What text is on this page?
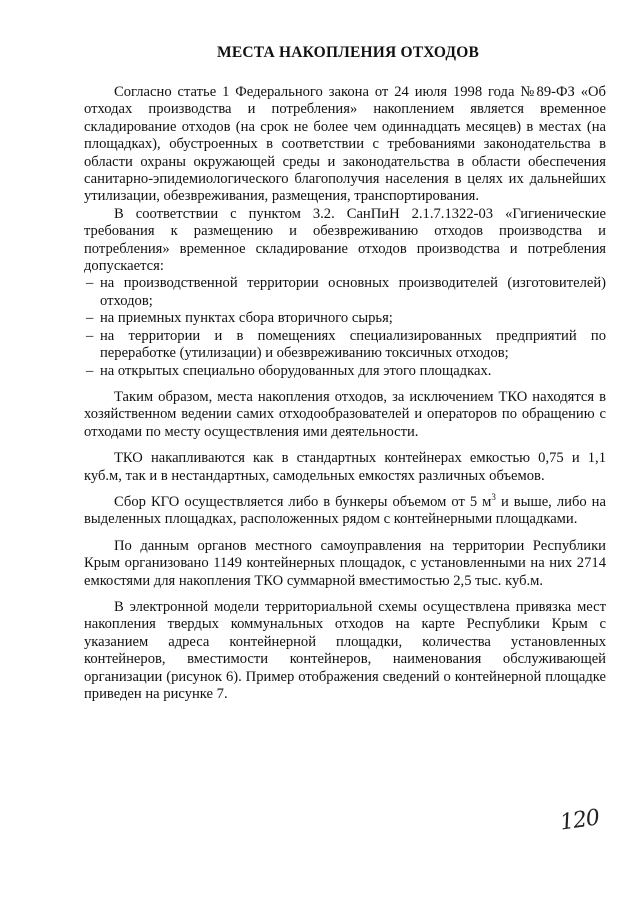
МЕСТА НАКОПЛЕНИЯ ОТХОДОВ

Согласно статье 1 Федерального закона от 24 июля 1998 года №89-ФЗ «Об отходах производства и потребления» накоплением является временное складирование отходов (на срок не более чем одиннадцать месяцев) в местах (на площадках), обустроенных в соответствии с требованиями законодательства в области охраны окружающей среды и законодательства в области обеспечения санитарно-эпидемиологического благополучия населения в целях их дальнейших утилизации, обезвреживания, размещения, транспортирования.

В соответствии с пунктом 3.2. СанПиН 2.1.7.1322-03 «Гигиенические требования к размещению и обезвреживанию отходов производства и потребления» временное складирование отходов производства и потребления допускается:

– на производственной территории основных производителей (изготовителей) отходов;

– на приемных пунктах сбора вторичного сырья;

– на территории и в помещениях специализированных предприятий по переработке (утилизации) и обезвреживанию токсичных отходов;

– на открытых специально оборудованных для этого площадках.

Таким образом, места накопления отходов, за исключением ТКО находятся в хозяйственном ведении самих отходообразователей и операторов по обращению с отходами по месту осуществления ими деятельности.

ТКО накапливаются как в стандартных контейнерах емкостью 0,75 и 1,1 куб.м, так и в нестандартных, самодельных емкостях различных объемов.

Сбор КГО осуществляется либо в бункеры объемом от 5 $м^3$ и выше, либо на выделенных площадках, расположенных рядом с контейнерными площадками.

По данным органов местного самоуправления на территории Республики Крым организовано 1149 контейнерных площадок, с установленными на них 2714 емкостями для накопления ТКО суммарной вместимостью 2,5 тыс. куб.м.

В электронной модели территориальной схемы осуществлена привязка мест накопления твердых коммунальных отходов на карте Республики Крым с указанием адреса контейнерной площадки, количества установленных контейнеров, вместимости контейнеров, наименования обслуживающей организации (рисунок 6). Пример отображения сведений о контейнерной площадке приведен на рисунке 7.

120
